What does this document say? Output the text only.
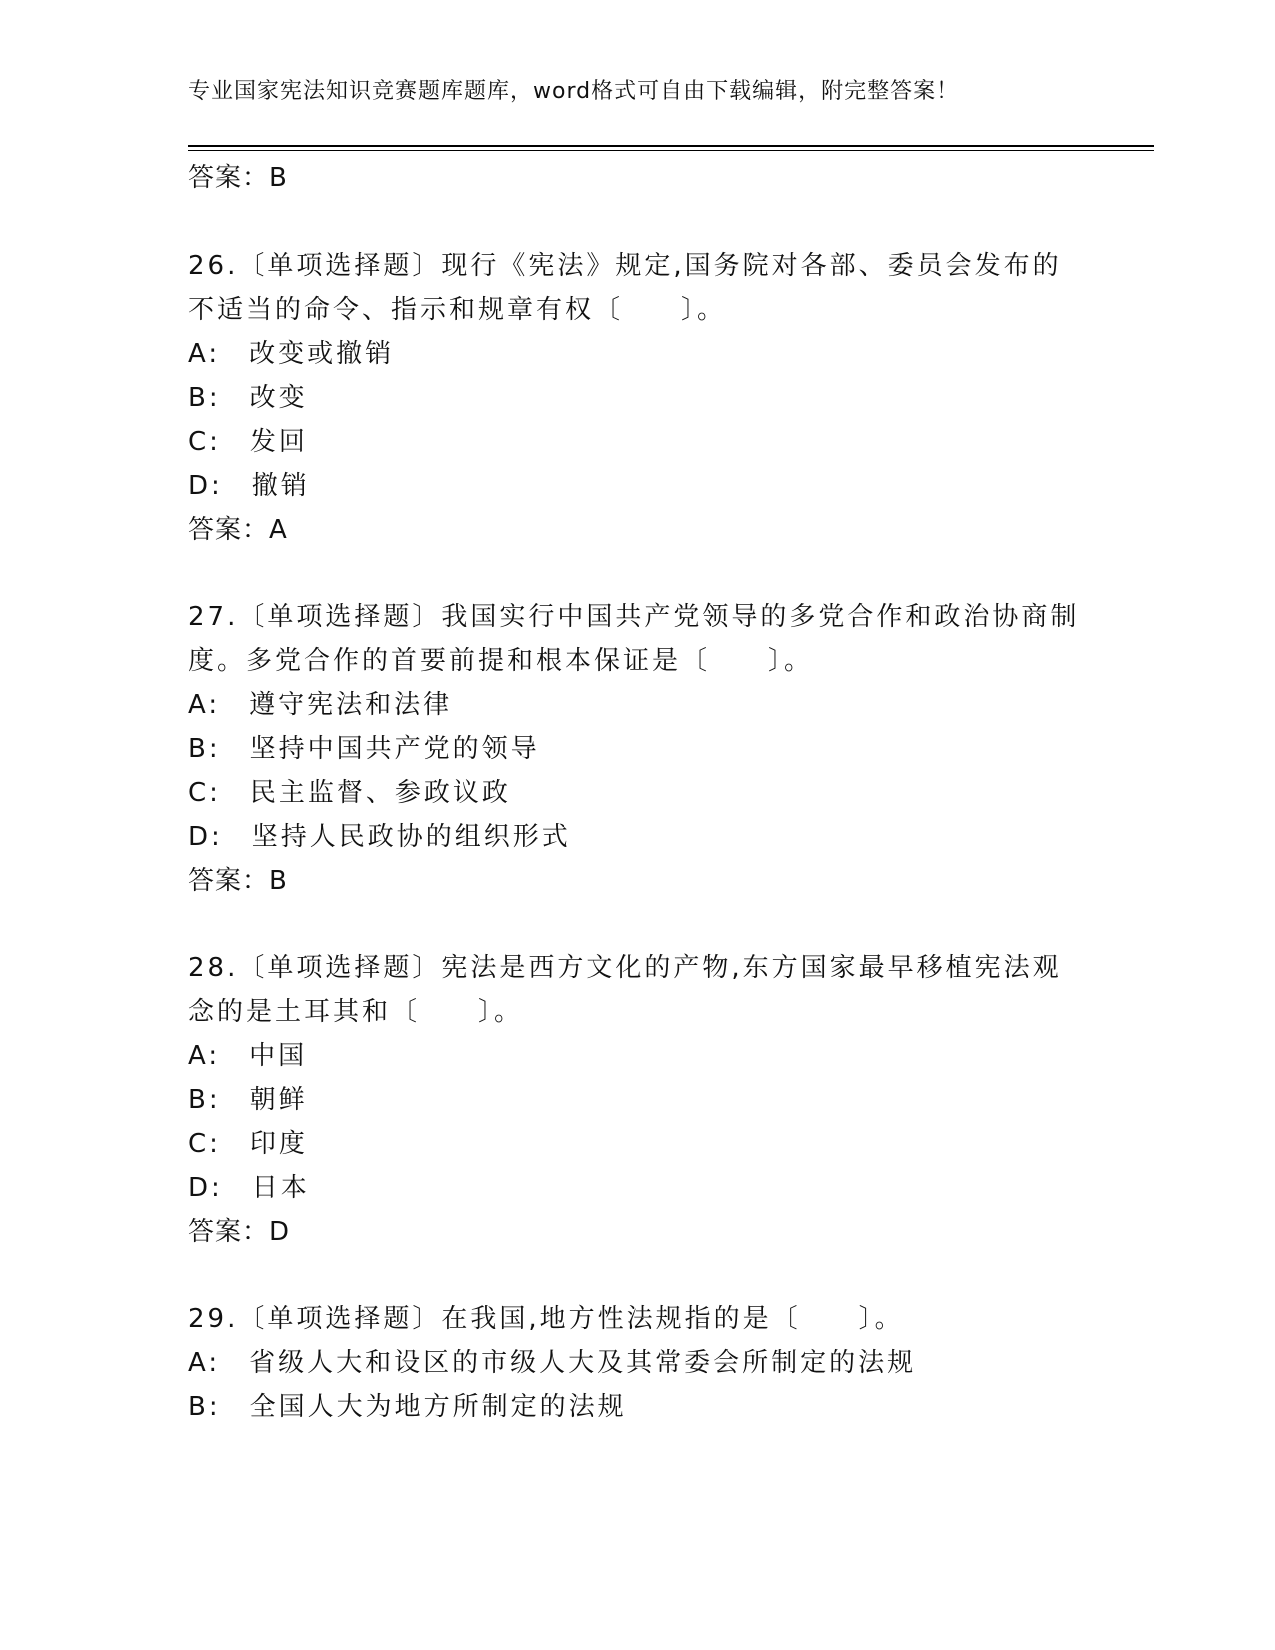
专业国家宪法知识竞赛题库题库，word格式可自由下载编辑，附完整答案！
答案：B
26.〔单项选择题〕现行《宪法》规定,国务院对各部、委员会发布的
不适当的命令、指示和规章有权〔　　〕。
A:　改变或撤销
B:　改变
C:　发回
D:　撤销
答案：A
27.〔单项选择题〕我国实行中国共产党领导的多党合作和政治协商制
度。多党合作的首要前提和根本保证是〔　　〕。
A:　遵守宪法和法律
B:　坚持中国共产党的领导
C:　民主监督、参政议政
D:　坚持人民政协的组织形式
答案：B
28.〔单项选择题〕宪法是西方文化的产物,东方国家最早移植宪法观
念的是土耳其和〔　　〕。
A:　中国
B:　朝鲜
C:　印度
D:　日本
答案：D
29.〔单项选择题〕在我国,地方性法规指的是〔　　〕。
A:　省级人大和设区的市级人大及其常委会所制定的法规
B:　全国人大为地方所制定的法规
